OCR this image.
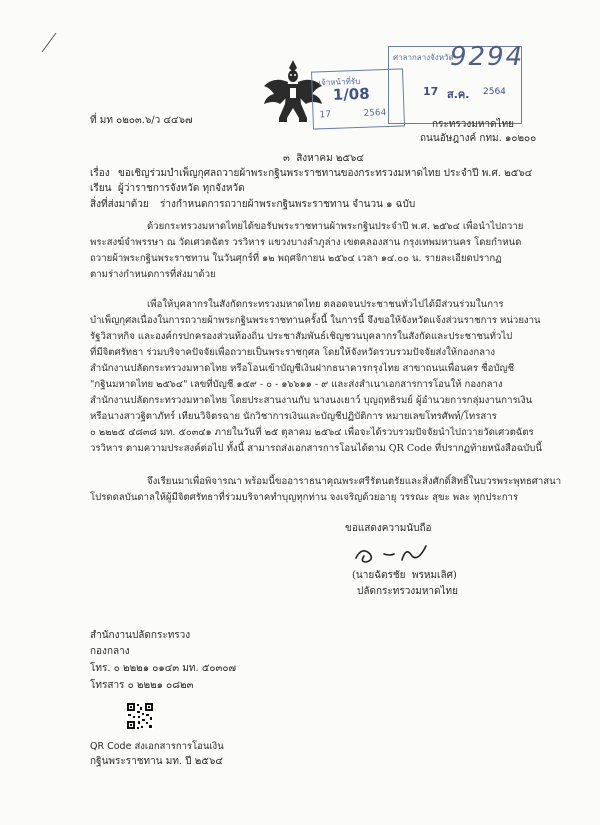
เจ้าหน้าที่รับ
1/08
17	2564
ศาลากลางจังหวัด
17 ส.ค. 2564
9294
ที่ มท ๐๒๐๓.๖/ว ๔๔๖๗	กระทรวงมหาดไทย
ถนนอัษฎางค์ กทม. ๑๐๒๐๐
๓  สิงหาคม ๒๕๖๔
เรื่อง ขอเชิญร่วมบำเพ็ญกุศลถวายผ้าพระกฐินพระราชทานของกระทรวงมหาดไทย ประจำปี พ.ศ. ๒๕๖๔
เรียน ผู้ว่าราชการจังหวัด ทุกจังหวัด
สิ่งที่ส่งมาด้วย ร่างกำหนดการถวายผ้าพระกฐินพระราชทาน จำนวน ๑ ฉบับ
ด้วยกระทรวงมหาดไทยได้ขอรับพระราชทานผ้าพระกฐินประจำปี พ.ศ. ๒๕๖๔ เพื่อนำไปถวาย
พระสงฆ์จำพรรษา ณ วัดเศวตฉัตร วรวิหาร แขวงบางลำภูล่าง เขตคลองสาน กรุงเทพมหานคร โดยกำหนด
ถวายผ้าพระกฐินพระราชทาน ในวันศุกร์ที่ ๑๒ พฤศจิกายน ๒๕๖๔ เวลา ๑๔.๐๐ น. รายละเอียดปรากฏ
ตามร่างกำหนดการที่ส่งมาด้วย
เพื่อให้บุคลากรในสังกัดกระทรวงมหาดไทย ตลอดจนประชาชนทั่วไปได้มีส่วนร่วมในการ
บำเพ็ญกุศลเนื่องในการถวายผ้าพระกฐินพระราชทานครั้งนี้ ในการนี้ จึงขอให้จังหวัดแจ้งส่วนราชการ หน่วยงาน
รัฐวิสาหกิจ และองค์กรปกครองส่วนท้องถิ่น ประชาสัมพันธ์เชิญชวนบุคลากรในสังกัดและประชาชนทั่วไป
ที่มีจิตศรัทธา ร่วมบริจาคปัจจัยเพื่อถวายเป็นพระราชกุศล โดยให้จังหวัดรวบรวมปัจจัยส่งให้กองกลาง
สำนักงานปลัดกระทรวงมหาดไทย หรือโอนเข้าบัญชีเงินฝากธนาคารกรุงไทย สาขาถนนเพื่อนคร ชื่อบัญชี
"กฐินมหาดไทย ๒๕๖๔" เลขที่บัญชี ๑๕๙ - ๐ - ๑๖๖๑๑ - ๙ และส่งสำเนาเอกสารการโอนให้ กองกลาง
สำนักงานปลัดกระทรวงมหาดไทย โดยประสานงานกับ นางนงเยาว์ บุญฤทธิรมย์ ผู้อำนวยการกลุ่มงานการเงิน
หรือนางสาวฐิตาภัทร์ เทียนวิจิตรฉาย นักวิชาการเงินและบัญชีปฏิบัติการ หมายเลขโทรศัพท์/โทรสาร
๐ ๒๒๒๕ ๔๘๓๘ มท. ๕๐๓๔๑ ภายในวันที่ ๒๕ ตุลาคม ๒๕๖๔ เพื่อจะได้รวบรวมปัจจัยนำไปถวายวัดเศวตฉัตร
วรวิหาร ตามความประสงค์ต่อไป ทั้งนี้ สามารถส่งเอกสารการโอนได้ตาม QR Code ที่ปรากฏท้ายหนังสือฉบับนี้
จึงเรียนมาเพื่อพิจารณา พร้อมนี้ขออาราธนาคุณพระศรีรัตนตรัยและสิ่งศักดิ์สิทธิ์ในบวรพระพุทธศาสนา
โปรดดลบันดาลให้ผู้มีจิตศรัทธาที่ร่วมบริจาคทำบุญทุกท่าน จงเจริญด้วยอายุ วรรณะ สุขะ พละ ทุกประการ
ขอแสดงความนับถือ
(นายฉัตรชัย  พรหมเลิศ)
ปลัดกระทรวงมหาดไทย
สำนักงานปลัดกระทรวง
กองกลาง
โทร. ๐ ๒๒๒๑ ๐๑๔๓ มท. ๕๐๓๐๗
โทรสาร ๐ ๒๒๒๑ ๐๘๒๓
QR Code ส่งเอกสารการโอนเงิน
กฐินพระราชทาน มท. ปี ๒๕๖๔
